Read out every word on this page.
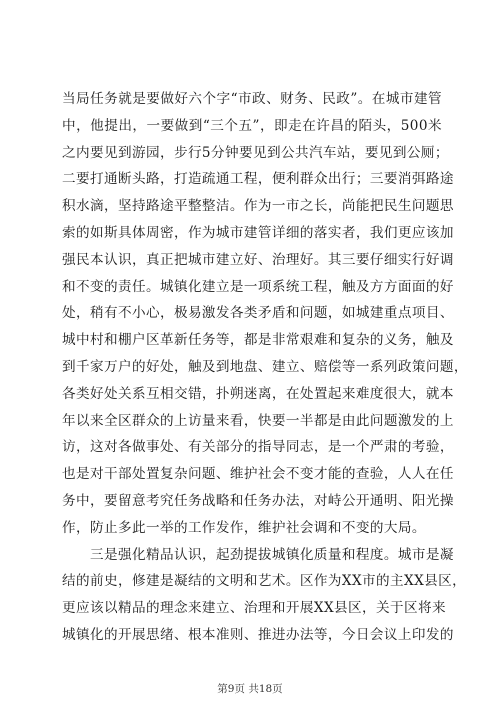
当局任务就是要做好六个字“市政、财务、民政”。在城市建管
中，他提出，一要做到“三个五”，即走在许昌的陌头，500米
之内要见到游园，步行5分钟要见到公共汽车站，要见到公厕；
二要打通断头路，打造疏通工程，便利群众出行；三要消弭路途
积水滴，坚持路途平整整洁。作为一市之长，尚能把民生问题思
索的如斯具体周密，作为城市建管详细的落实者，我们更应该加
强民本认识，真正把城市建立好、治理好。其三要仔细实行好调
和不变的责任。城镇化建立是一项系统工程，触及方方面面的好
处，稍有不小心，极易激发各类矛盾和问题，如城建重点项目、
城中村和棚户区革新任务等，都是非常艰难和复杂的义务，触及
到千家万户的好处，触及到地盘、建立、赔偿等一系列政策问题，
各类好处关系互相交错，扑朔迷离，在处置起来难度很大，就本
年以来全区群众的上访量来看，快要一半都是由此问题激发的上
访，这对各做事处、有关部分的指导同志，是一个严肃的考验，
也是对干部处置复杂问题、维护社会不变才能的查验，人人在任
务中，要留意考究任务战略和任务办法，对峙公开通明、阳光操
作，防止多此一举的工作发作，维护社会调和不变的大局。
三是强化精品认识，起劲提拔城镇化质量和程度。城市是凝
结的前史，修建是凝结的文明和艺术。区作为XX市的主XX县区，
更应该以精品的理念来建立、治理和开展XX县区，关于区将来
城镇化的开展思绪、根本准则、推进办法等，今日会议上印发的
第9页 共18页
